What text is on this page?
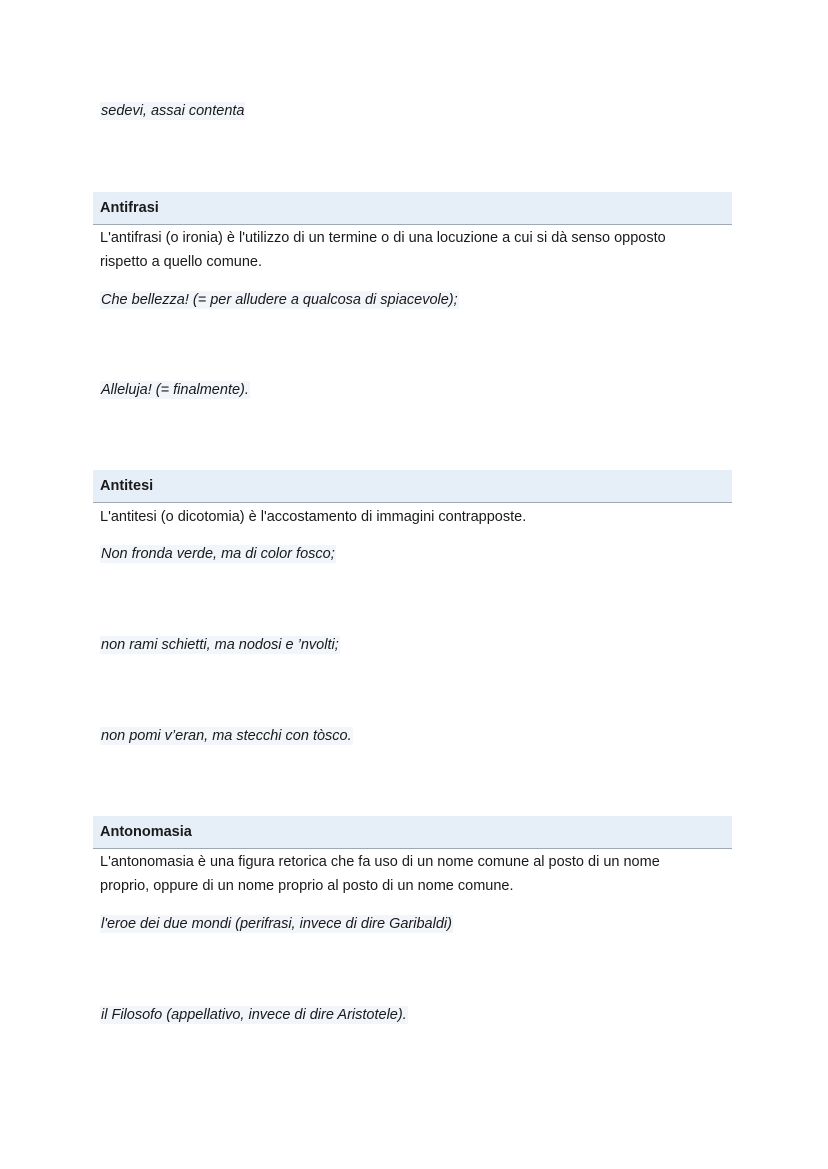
sedevi, assai contenta
Antifrasi
L'antifrasi (o ironia) è l'utilizzo di un termine o di una locuzione a cui si dà senso opposto
rispetto a quello comune.
Che bellezza! (= per alludere a qualcosa di spiacevole);
Alleluja! (= finalmente).
Antitesi
L'antitesi (o dicotomia) è l'accostamento di immagini contrapposte.
Non fronda verde, ma di color fosco;
non rami schietti, ma nodosi e ’nvolti;
non pomi v’eran, ma stecchi con tòsco.
Antonomasia
L'antonomasia è una figura retorica che fa uso di un nome comune al posto di un nome
proprio, oppure di un nome proprio al posto di un nome comune.
l'eroe dei due mondi (perifrasi, invece di dire Garibaldi)
il Filosofo (appellativo, invece di dire Aristotele).
